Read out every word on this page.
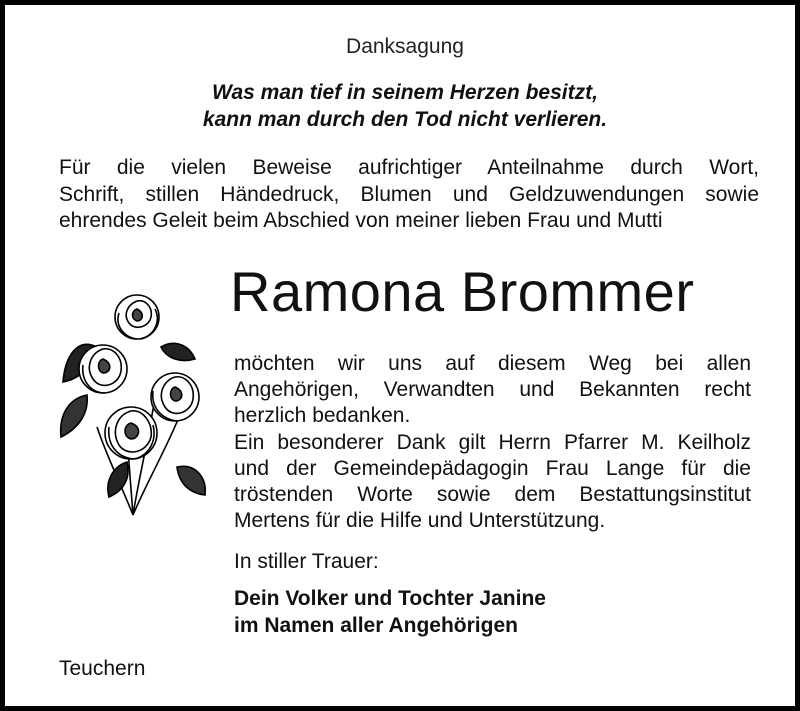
Danksagung
Was man tief in seinem Herzen besitzt,
kann man durch den Tod nicht verlieren.
Für die vielen Beweise aufrichtiger Anteilnahme durch Wort,
Schrift, stillen Händedruck, Blumen und Geldzuwendungen sowie
ehrendes Geleit beim Abschied von meiner lieben Frau und Mutti
Ramona Brommer
möchten wir uns auf diesem Weg bei allen
Angehörigen, Verwandten und Bekannten recht
herzlich bedanken.
Ein besonderer Dank gilt Herrn Pfarrer M. Keilholz
und der Gemeindepädagogin Frau Lange für die
tröstenden Worte sowie dem Bestattungsinstitut
Mertens für die Hilfe und Unterstützung.
In stiller Trauer:
Dein Volker und Tochter Janine
im Namen aller Angehörigen
Teuchern
